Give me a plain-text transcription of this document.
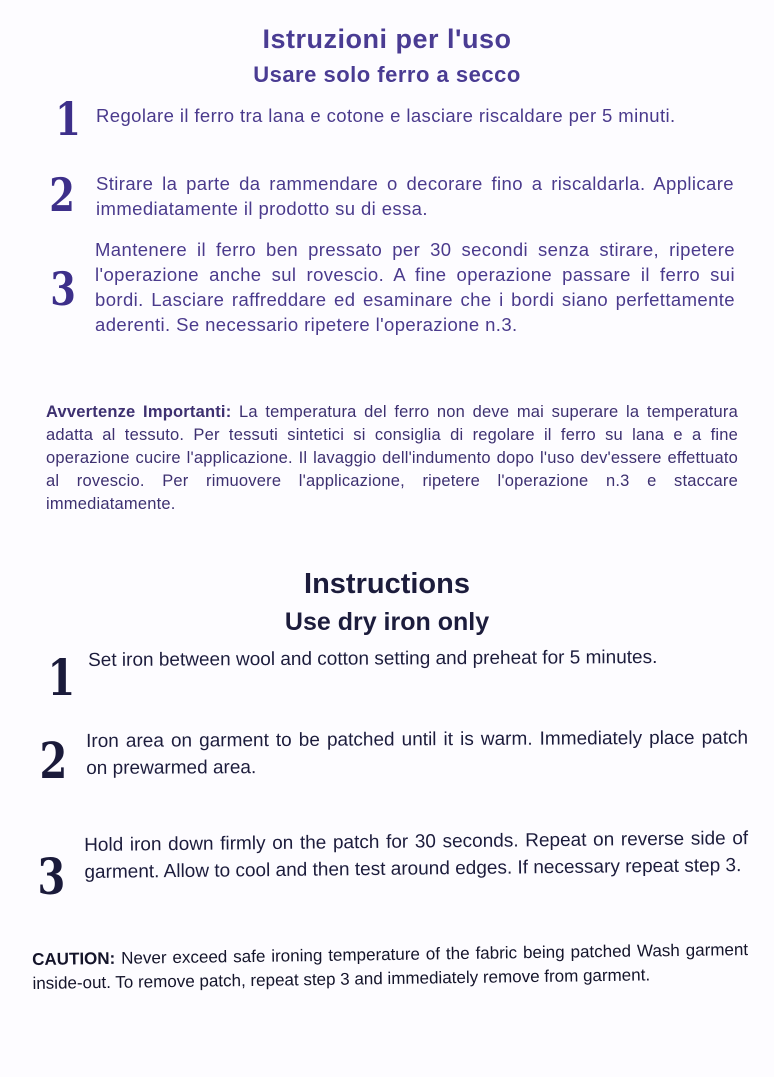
Istruzioni per l'uso
Usare solo ferro a secco
1 Regolare il ferro tra lana e cotone e lasciare riscaldare per 5 minuti.

2 Stirare la parte da rammendare o decorare fino a riscaldarla. Applicare immediatamente il prodotto su di essa.

3

Mantenere il ferro ben pressato per 30 secondi senza stirare, ripetere l'operazione anche sul rovescio. A fine operazione passare il ferro sui bordi. Lasciare raffreddare ed esaminare che i bordi siano perfettamente aderenti. Se necessario ripetere l'operazione n.3.

Avvertenze Importanti: La temperatura del ferro non deve mai superare la temperatura adatta al tessuto. Per tessuti sintetici si consiglia di regolare il ferro su lana e a fine operazione cucire l'applicazione. Il lavaggio dell'indumento dopo l'uso dev'essere effettuato al rovescio. Per rimuovere l'applicazione, ripetere l'operazione n.3 e staccare immediatamente.

Instructions
Use dry iron only
1 Set iron between wool and cotton setting and preheat for 5 minutes.

2 Iron area on garment to be patched until it is warm. Immediately place patch on prewarmed area.

3

Hold iron down firmly on the patch for 30 seconds. Repeat on reverse side of garment. Allow to cool and then test around edges. If necessary repeat step 3.

CAUTION: Never exceed safe ironing temperature of the fabric being patched Wash garment inside-out. To remove patch, repeat step 3 and immediately remove from garment.
